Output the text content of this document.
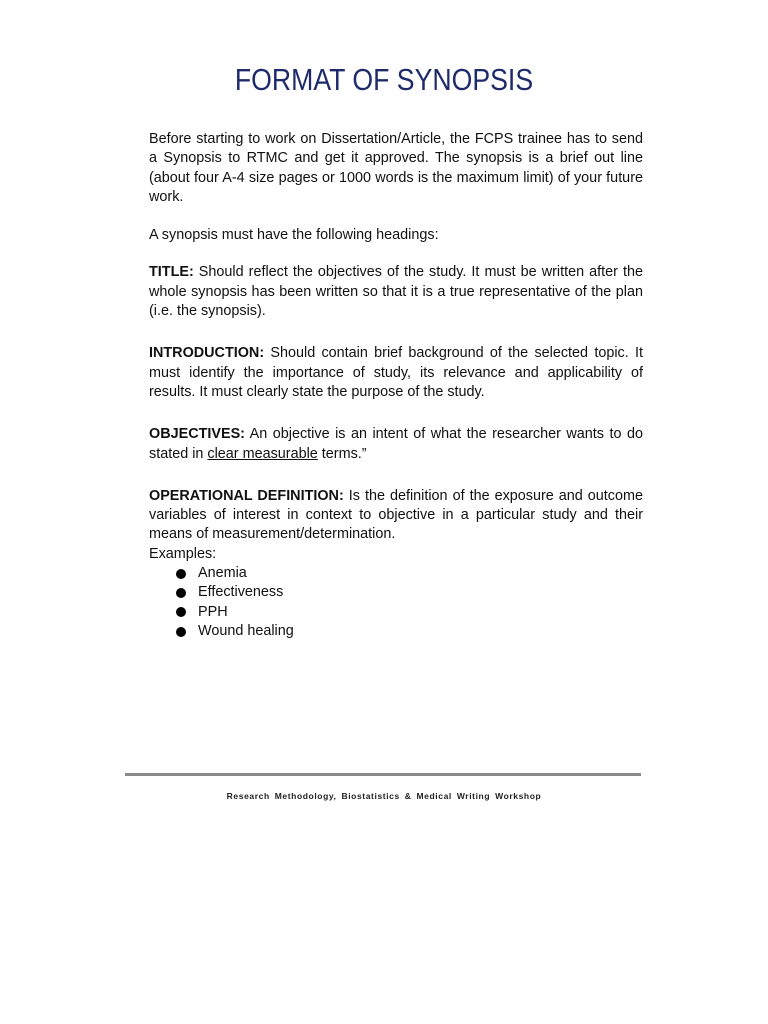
FORMAT OF SYNOPSIS

Before starting to work on Dissertation/Article, the FCPS trainee has to send a Synopsis to RTMC and get it approved. The synopsis is a brief out line (about four A-4 size pages or 1000 words is the maximum limit) of your future work.

A synopsis must have the following headings:

TITLE: Should reflect the objectives of the study. It must be written after the whole synopsis has been written so that it is a true representative of the plan (i.e. the synopsis).

INTRODUCTION: Should contain brief background of the selected topic. It must identify the importance of study, its relevance and applicability of results. It must clearly state the purpose of the study.

OBJECTIVES: An objective is an intent of what the researcher wants to do stated in clear measurable terms.”

OPERATIONAL DEFINITION: Is the definition of the exposure and outcome variables of interest in context to objective in a particular study and their means of measurement/determination.

Examples:

Anemia
Effectiveness
PPH
Wound healing
Research Methodology, Biostatistics & Medical Writing Workshop
